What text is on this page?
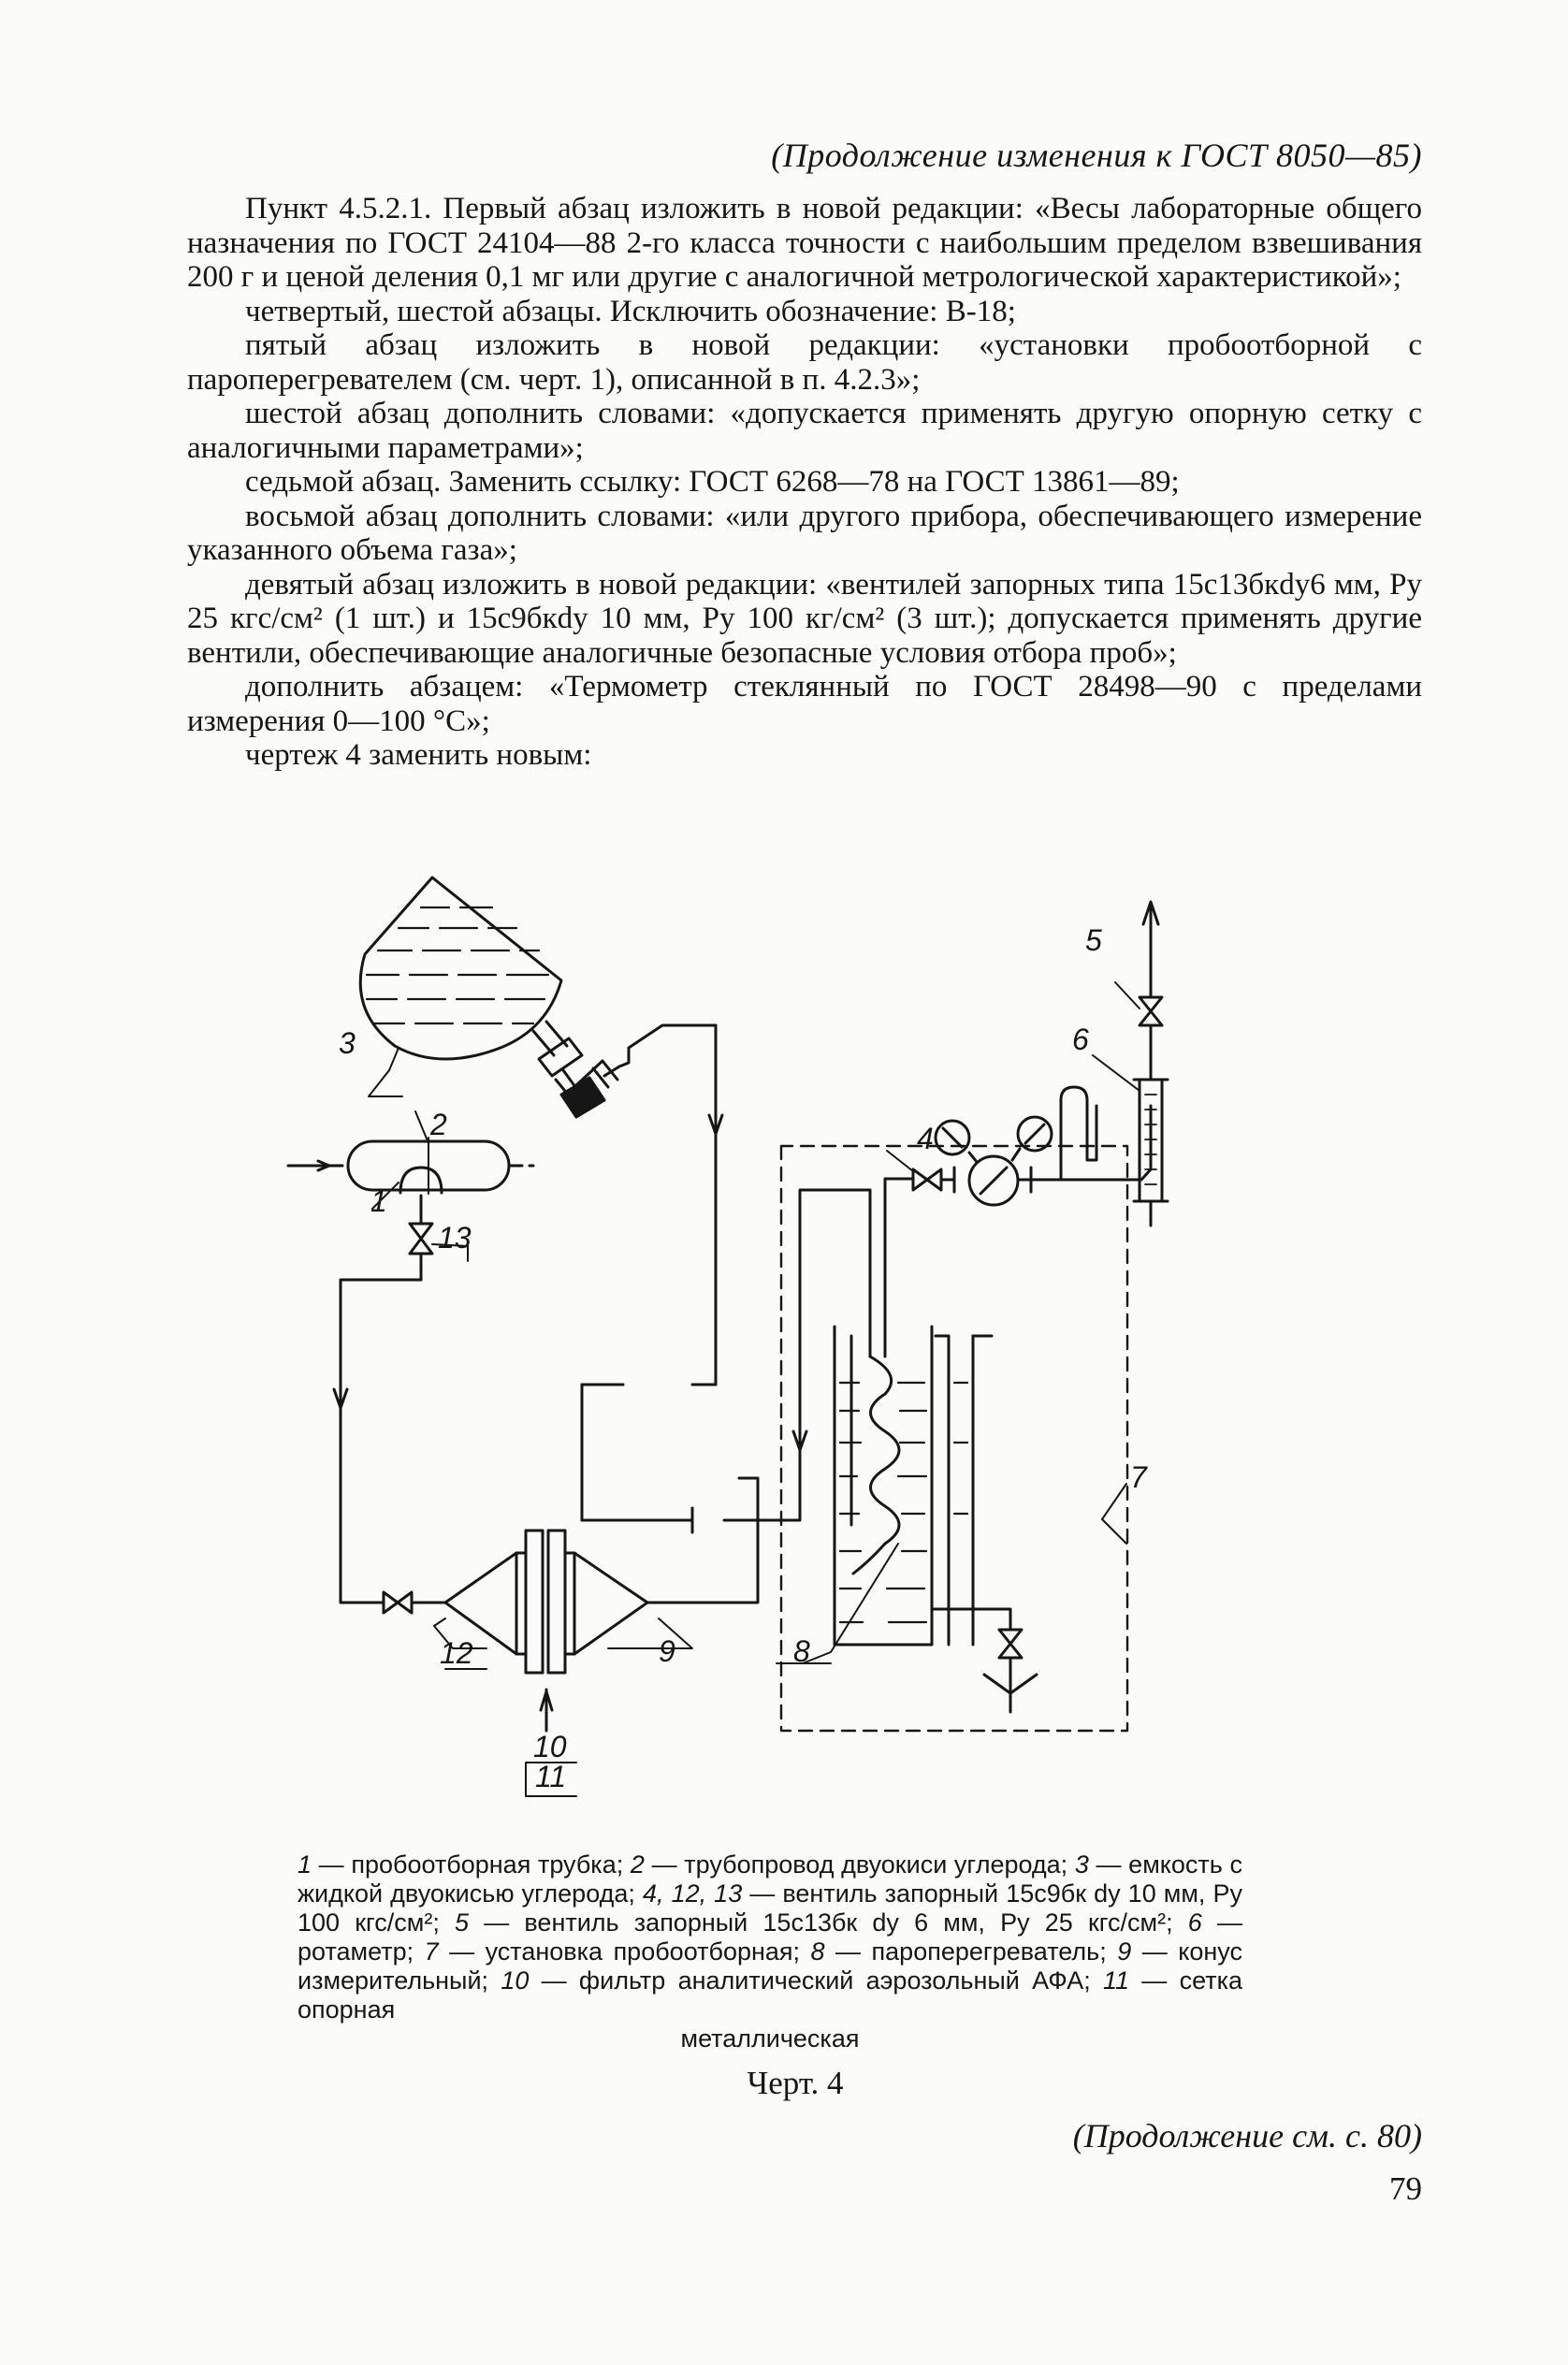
(Продолжение изменения к ГОСТ 8050—85)

Пункт 4.5.2.1. Первый абзац изложить в новой редакции: «Весы лабораторные общего назначения по ГОСТ 24104—88 2-го класса точности с наибольшим пределом взвешивания 200 г и ценой деления 0,1 мг или другие с аналогичной метрологической характеристикой»;

четвертый, шестой абзацы. Исключить обозначение: В-18;

пятый абзац изложить в новой редакции: «установки пробоотборной с пароперегревателем (см. черт. 1), описанной в п. 4.2.3»;

шестой абзац дополнить словами: «допускается применять другую опорную сетку с аналогичными параметрами»;

седьмой абзац. Заменить ссылку: ГОСТ 6268—78 на ГОСТ 13861—89;

восьмой абзац дополнить словами: «или другого прибора, обеспечивающего измерение указанного объема газа»;

девятый абзац изложить в новой редакции: «вентилей запорных типа 15с13бкdу6 мм, Pу 25 кгс/см² (1 шт.) и 15с9бкdу 10 мм, Pу 100 кг/см² (3 шт.); допускается применять другие вентили, обеспечивающие аналогичные безопасные условия отбора проб»;

дополнить абзацем: «Термометр стеклянный по ГОСТ 28498—90 с пределами измерения 0—100 °С»;

чертеж 4 заменить новым:

3
2
1
13
4
5
6
7
8
9
12
10
11
1 — пробоотборная трубка; 2 — трубопровод двуокиси углерода; 3 — емкость с жидкой двуокисью углерода; 4, 12, 13 — вентиль запорный 15с9бк dу 10 мм, Pу 100 кгс/см²; 5 — вентиль запорный 15с13бк dу 6 мм, Pу 25 кгс/см²; 6 — ротаметр; 7 — установка пробоотборная; 8 — пароперегреватель; 9 — конус измерительный; 10 — фильтр аналитический аэрозольный АФА; 11 — сетка опорная
металлическая
Черт. 4
(Продолжение см. с. 80)
79
